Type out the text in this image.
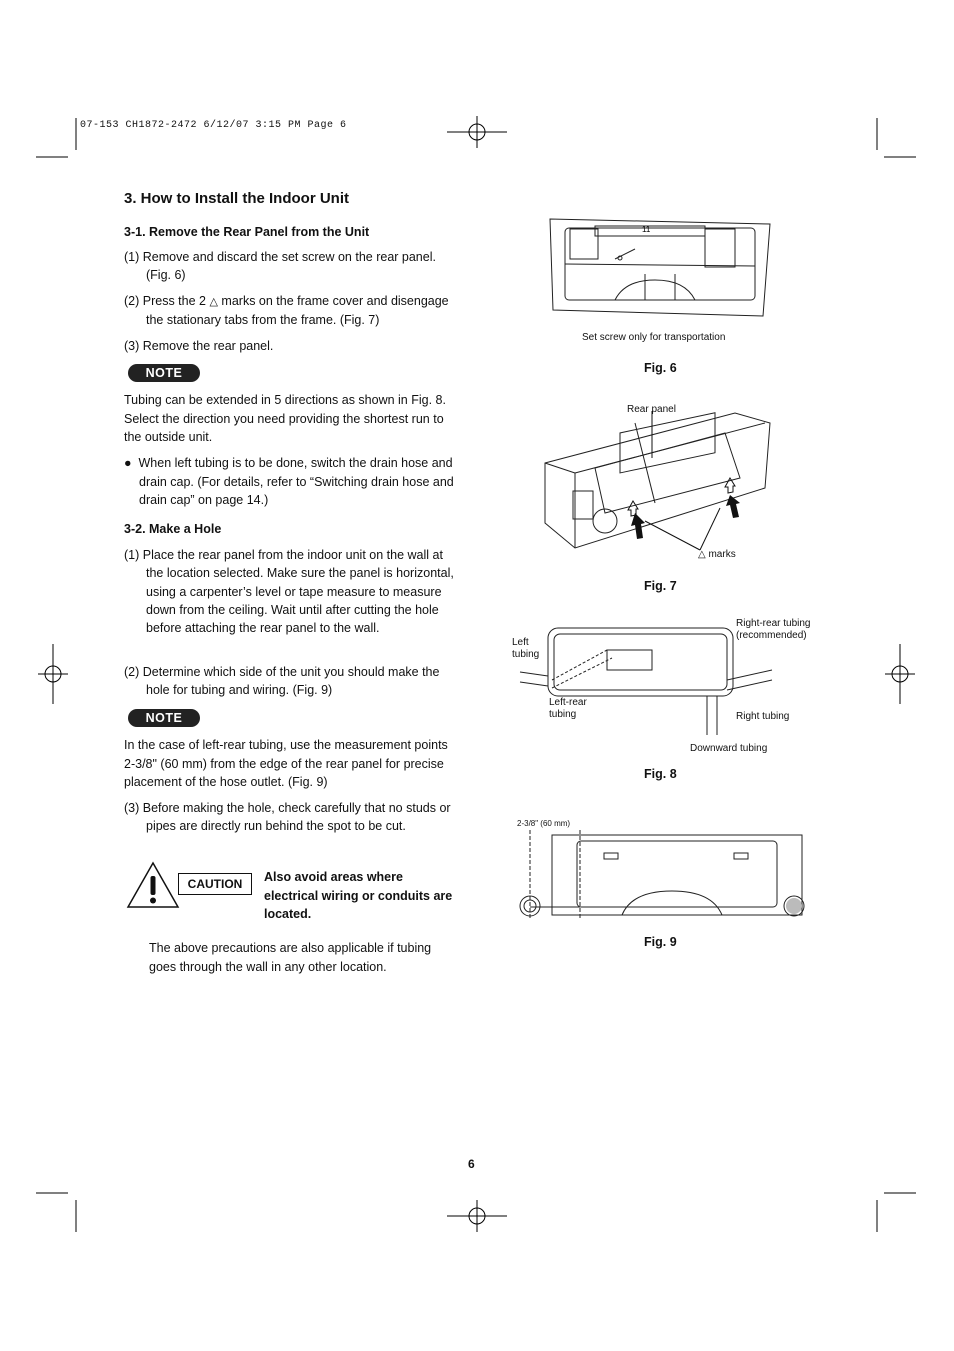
07-153 CH1872-2472 6/12/07 3:15 PM Page 6
3. How to Install the Indoor Unit
3-1. Remove the Rear Panel from the Unit
(1) Remove and discard the set screw on the rear panel. (Fig. 6)
(2) Press the 2 △ marks on the frame cover and disengage the stationary tabs from the frame. (Fig. 7)
(3) Remove the rear panel.
NOTE
Tubing can be extended in 5 directions as shown in Fig. 8. Select the direction you need providing the shortest run to the outside unit.
●  When left tubing is to be done, switch the drain hose and drain cap. (For details, refer to “Switching drain hose and drain cap” on page 14.)
3-2. Make a Hole
(1) Place the rear panel from the indoor unit on the wall at the location selected. Make sure the panel is horizontal, using a carpenter’s level or tape measure to measure down from the ceiling. Wait until after cutting the hole before attaching the rear panel to the wall.
(2) Determine which side of the unit you should make the hole for tubing and wiring. (Fig. 9)
NOTE
In the case of left-rear tubing, use the measurement points 2-3/8" (60 mm) from the edge of the rear panel for precise placement of the hose outlet. (Fig. 9)
(3) Before making the hole, check carefully that no studs or pipes are directly run behind the spot to be cut.
CAUTION	Also avoid areas where electrical wiring or conduits are located.
The above precautions are also applicable if tubing goes through the wall in any other location.
11
Set screw only for transportation
Fig. 6
Rear panel
△ marks
Fig. 7
Left tubing
Right-rear tubing (recommended)
Left-rear tubing	Right tubing
Downward tubing
Fig. 8
2-3/8" (60 mm)
Fig. 9
6
